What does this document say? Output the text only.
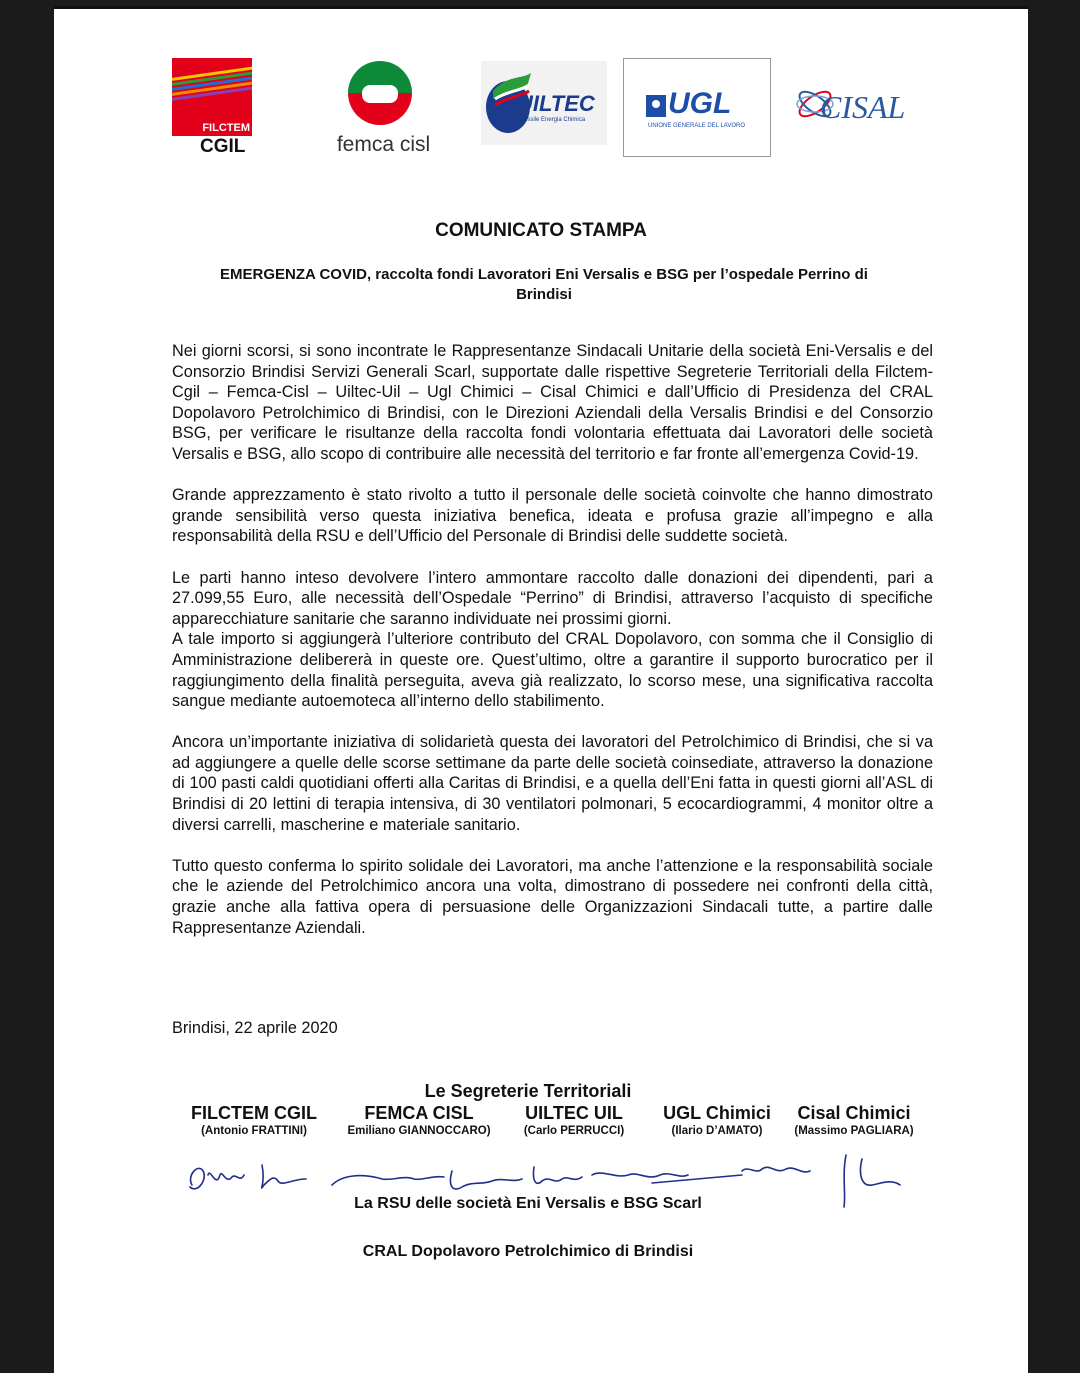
FILCTEM
CGIL	femca cisl
UILTEC
Tessile Energia Chimica	UGL
UNIONE GENERALE DEL LAVORO
CISAL
COMUNICATO STAMPA
EMERGENZA COVID, raccolta fondi Lavoratori Eni Versalis e BSG per l’ospedale Perrino di Brindisi

Nei giorni scorsi, si sono incontrate le Rappresentanze Sindacali Unitarie della società Eni-Versalis e del Consorzio Brindisi Servizi Generali Scarl, supportate dalle rispettive Segreterie Territoriali della Filctem-Cgil – Femca-Cisl – Uiltec-Uil – Ugl Chimici – Cisal Chimici e dall’Ufficio di Presidenza del CRAL Dopolavoro Petrolchimico di Brindisi, con le Direzioni Aziendali della Versalis Brindisi e del Consorzio BSG, per verificare le risultanze della raccolta fondi volontaria effettuata dai Lavoratori delle società Versalis e BSG, allo scopo di contribuire alle necessità del territorio e far fronte all’emergenza Covid-19.

Grande apprezzamento è stato rivolto a tutto il personale delle società coinvolte che hanno dimostrato grande sensibilità verso questa iniziativa benefica, ideata e profusa grazie all’impegno e alla responsabilità della RSU e dell’Ufficio del Personale di Brindisi delle suddette società.

Le parti hanno inteso devolvere l’intero ammontare raccolto dalle donazioni dei dipendenti, pari a 27.099,55 Euro, alle necessità dell’Ospedale “Perrino” di Brindisi, attraverso l’acquisto di specifiche apparecchiature sanitarie che saranno individuate nei prossimi giorni.

A tale importo si aggiungerà l’ulteriore contributo del CRAL Dopolavoro, con somma che il Consiglio di Amministrazione delibererà in queste ore. Quest’ultimo, oltre a garantire il supporto burocratico per il raggiungimento della finalità perseguita, aveva già realizzato, lo scorso mese, una significativa raccolta sangue mediante autoemoteca all’interno dello stabilimento.

Ancora un’importante iniziativa di solidarietà questa dei lavoratori del Petrolchimico di Brindisi, che si va ad aggiungere a quelle delle scorse settimane da parte delle società coinsediate, attraverso la donazione di 100 pasti caldi quotidiani offerti alla Caritas di Brindisi, e a quella dell’Eni fatta in questi giorni all’ASL di Brindisi di 20 lettini di terapia intensiva, di 30 ventilatori polmonari, 5 ecocardiogrammi, 4 monitor oltre a diversi carrelli, mascherine e materiale sanitario.

Tutto questo conferma lo spirito solidale dei Lavoratori, ma anche l’attenzione e la responsabilità sociale che le aziende del Petrolchimico ancora una volta, dimostrano di possedere nei confronti della città, grazie anche alla fattiva opera di persuasione delle Organizzazioni Sindacali tutte, a partire dalle Rappresentanze Aziendali.

Brindisi, 22 aprile 2020
Le Segreterie Territoriali
FILCTEM CGIL
(Antonio FRATTINI)
FEMCA CISL
Emiliano GIANNOCCARO)
UILTEC UIL
(Carlo PERRUCCI)
UGL Chimici
(Ilario D’AMATO)
Cisal Chimici
(Massimo PAGLIARA)
La RSU delle società Eni Versalis e BSG Scarl
CRAL Dopolavoro Petrolchimico di Brindisi
